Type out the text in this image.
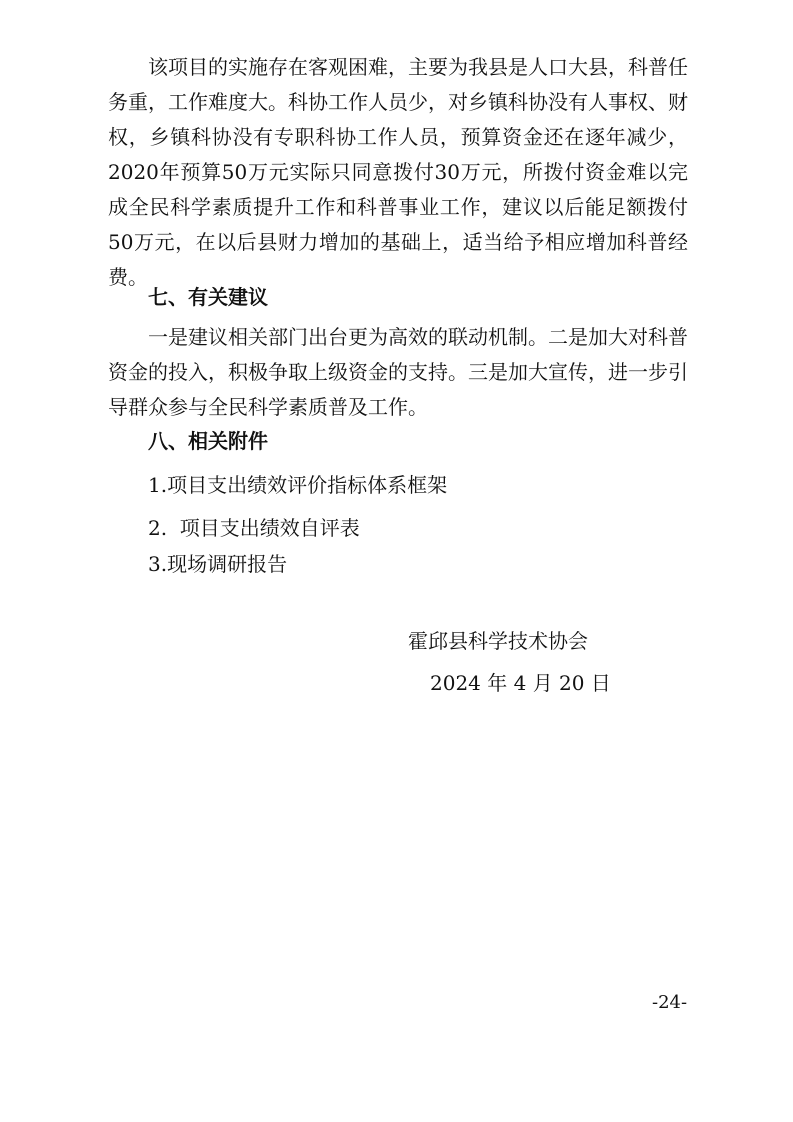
该项目的实施存在客观困难，主要为我县是人口大县，科普任务重，工作难度大。科协工作人员少，对乡镇科协没有人事权、财权，乡镇科协没有专职科协工作人员，预算资金还在逐年减少，2020年预算50万元实际只同意拨付30万元，所拨付资金难以完成全民科学素质提升工作和科普事业工作，建议以后能足额拨付50万元，在以后县财力增加的基础上，适当给予相应增加科普经费。

七、有关建议

一是建议相关部门出台更为高效的联动机制。二是加大对科普资金的投入，积极争取上级资金的支持。三是加大宣传，进一步引导群众参与全民科学素质普及工作。

八、相关附件

1.项目支出绩效评价指标体系框架

2.  项目支出绩效自评表

3.现场调研报告

霍邱县科学技术协会
2024 年 4 月 20 日
-24-
